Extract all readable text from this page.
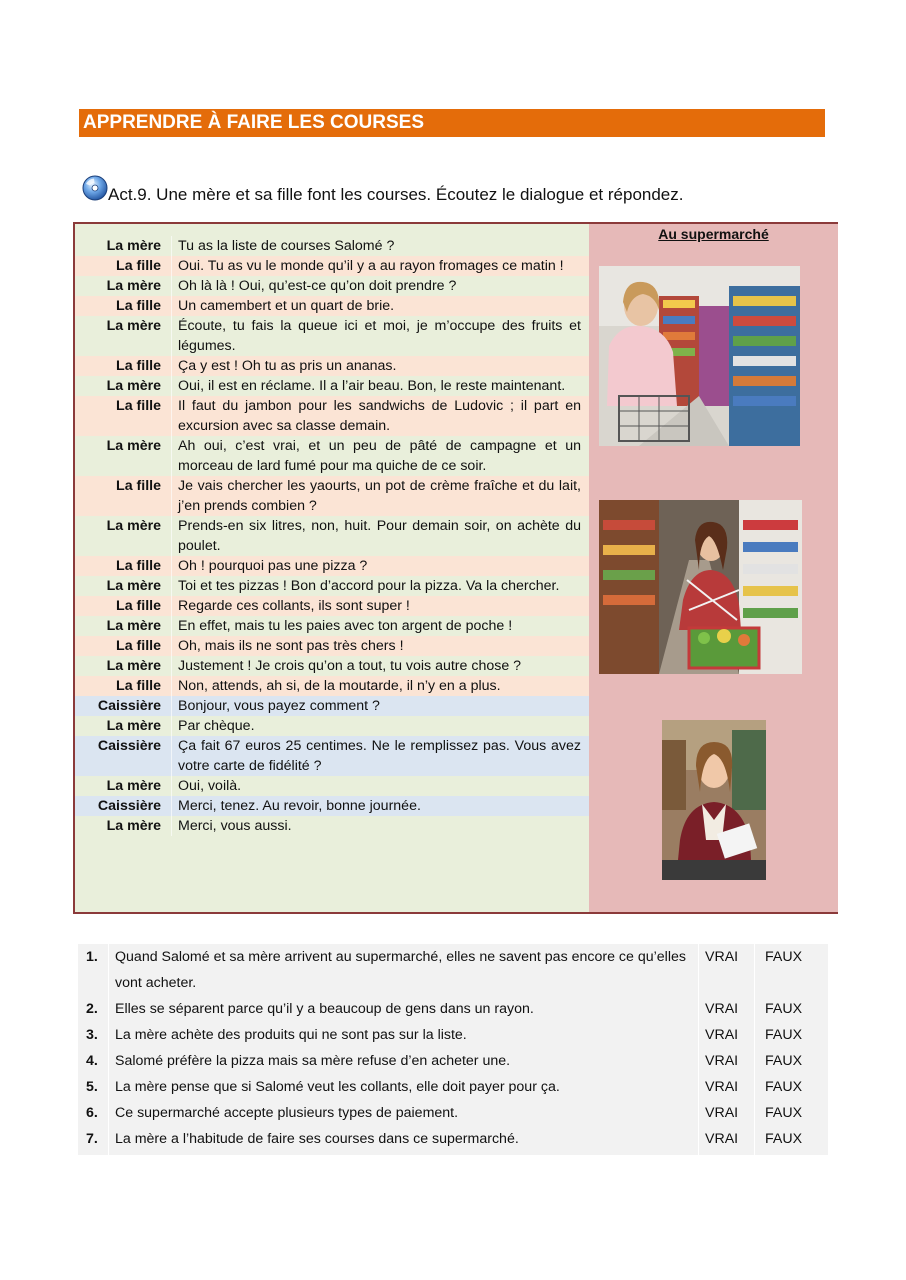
APPRENDRE À FAIRE LES COURSES
Act.9. Une mère et sa fille font les courses. Écoutez le dialogue et répondez.
La mère	Tu as la liste de courses Salomé ?
La fille	Oui. Tu as vu le monde qu’il y a au rayon fromages ce matin !
La mère	Oh là là ! Oui, qu’est-ce qu’on doit prendre ?
La fille	Un camembert et un quart de brie.
La mère	Écoute, tu fais la queue ici et moi, je m’occupe des fruits et légumes.
La fille	Ça y est ! Oh tu as pris un ananas.
La mère	Oui, il est en réclame. Il a l’air beau. Bon, le reste maintenant.
La fille	Il faut du jambon pour les sandwichs de Ludovic ; il part en excursion avec sa classe demain.
La mère	Ah oui, c’est vrai, et un peu de pâté de campagne et un morceau de lard fumé pour ma quiche de ce soir.
La fille	Je vais chercher les yaourts, un pot de crème fraîche et du lait, j’en prends combien ?
La mère	Prends-en six litres, non, huit. Pour demain soir, on achète du poulet.
La fille	Oh ! pourquoi pas une pizza ?
La mère	Toi et tes pizzas ! Bon d’accord pour la pizza. Va la chercher.
La fille	Regarde ces collants, ils sont super !
La mère	En effet, mais tu les paies avec ton argent de poche !
La fille	Oh, mais ils ne sont pas très chers !
La mère	Justement ! Je crois qu’on a tout, tu vois autre chose ?
La fille	Non, attends, ah si, de la moutarde, il n’y en a plus.
Caissière	Bonjour, vous payez comment ?
La mère	Par chèque.
Caissière	Ça fait 67 euros 25 centimes. Ne le remplissez pas. Vous avez votre carte de fidélité ?
La mère	Oui, voilà.
Caissière	Merci, tenez. Au revoir, bonne journée.
La mère	Merci, vous aussi.
Au supermarché
1. Quand Salomé et sa mère arrivent au supermarché, elles ne savent pas encore ce qu’elles vont acheter.
VRAI FAUX
2. Elles se séparent parce qu’il y a beaucoup de gens dans un rayon.	VRAI FAUX
3. La mère achète des produits qui ne sont pas sur la liste.	VRAI FAUX
4. Salomé préfère la pizza mais sa mère refuse d’en acheter une.	VRAI FAUX
5. La mère pense que si Salomé veut les collants, elle doit payer pour ça.	VRAI FAUX
6. Ce supermarché accepte plusieurs types de paiement.	VRAI FAUX
7. La mère a l’habitude de faire ses courses dans ce supermarché.	VRAI FAUX
